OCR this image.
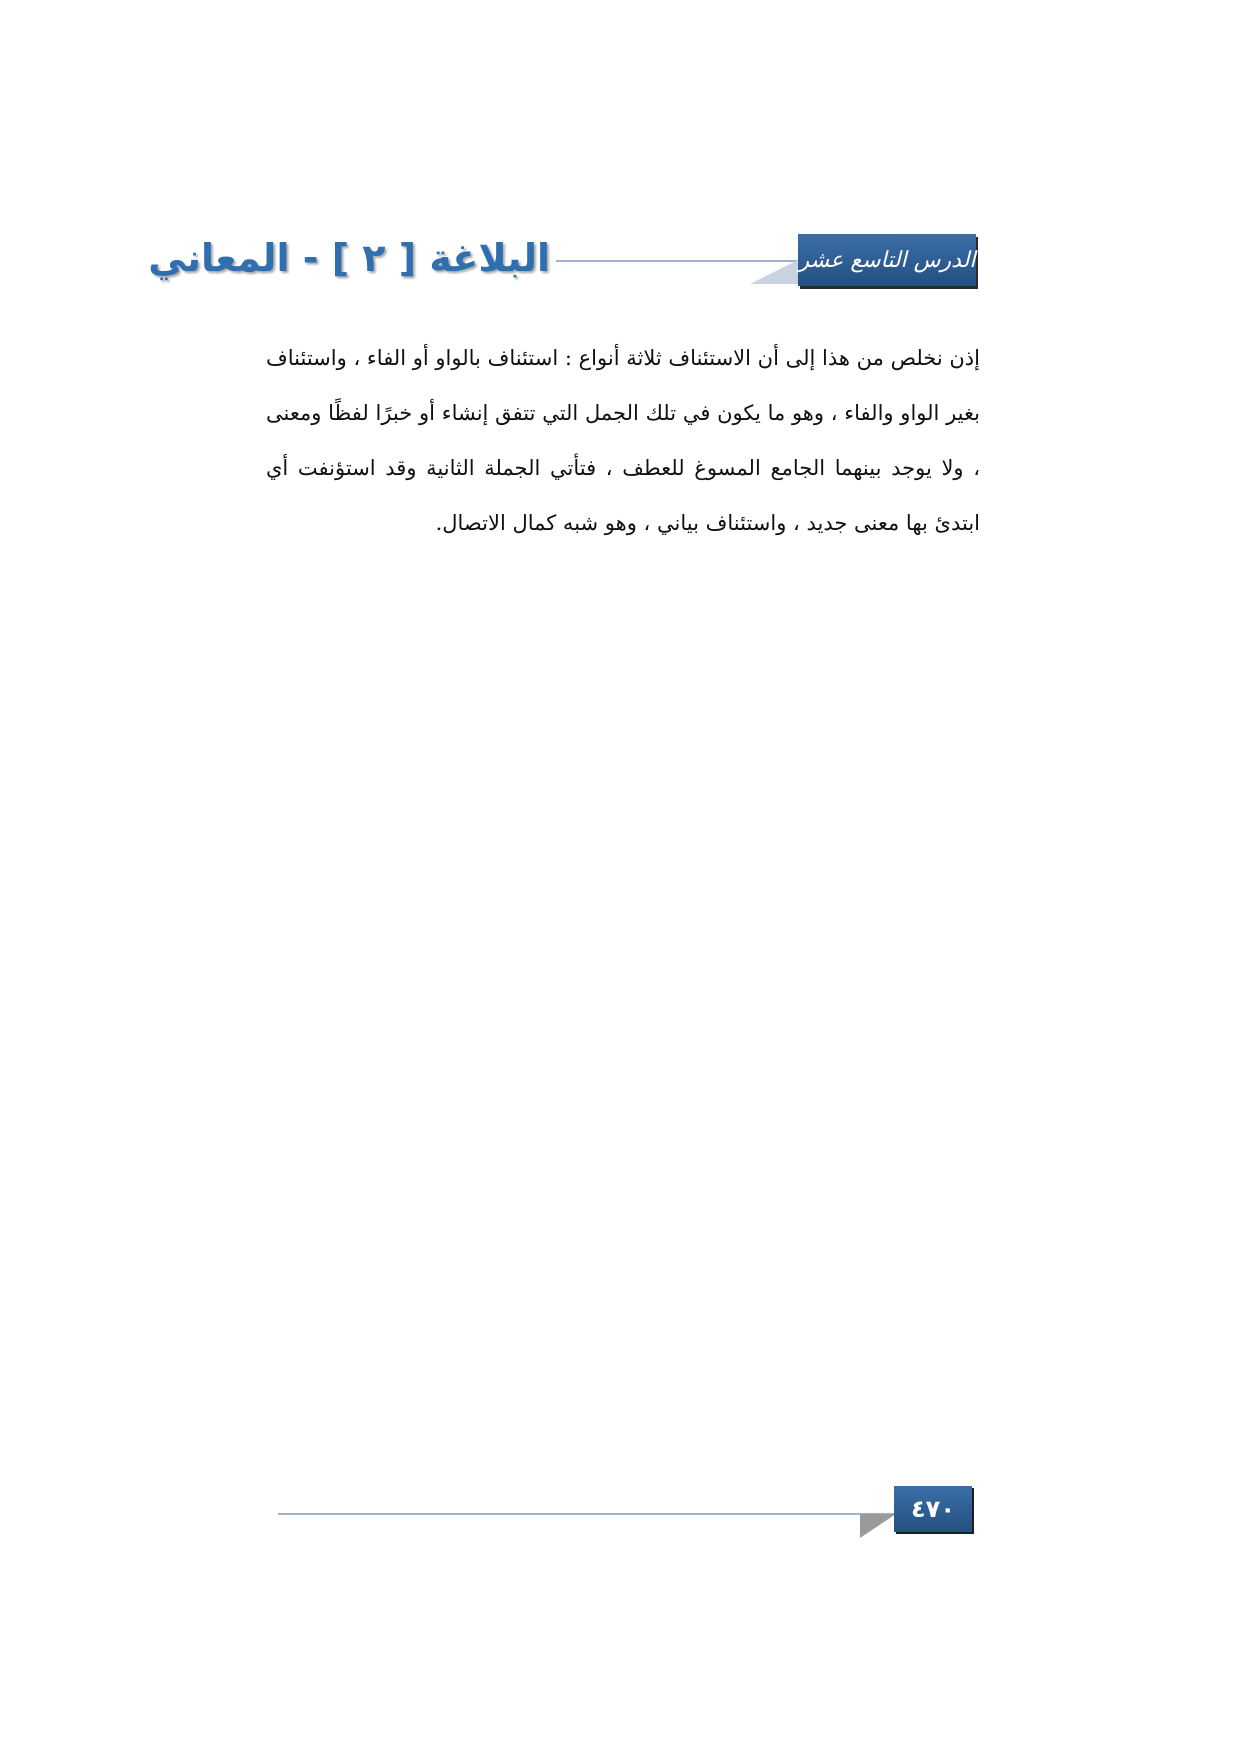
البلاغة [ ٢ ] - المعاني	الدرس التاسع عشر

إذن نخلص من هذا إلى أن الاستئناف ثلاثة أنواع : استئناف بالواو أو الفاء ، واستئناف بغير الواو والفاء ، وهو ما يكون في تلك الجمل التي تتفق إنشاء أو خبرًا لفظًا ومعنى ، ولا يوجد بينهما الجامع المسوغ للعطف ، فتأتي الجملة الثانية وقد استؤنفت أي ابتدئ بها معنى جديد ، واستئناف بياني ، وهو شبه كمال الاتصال.

٤٧٠
